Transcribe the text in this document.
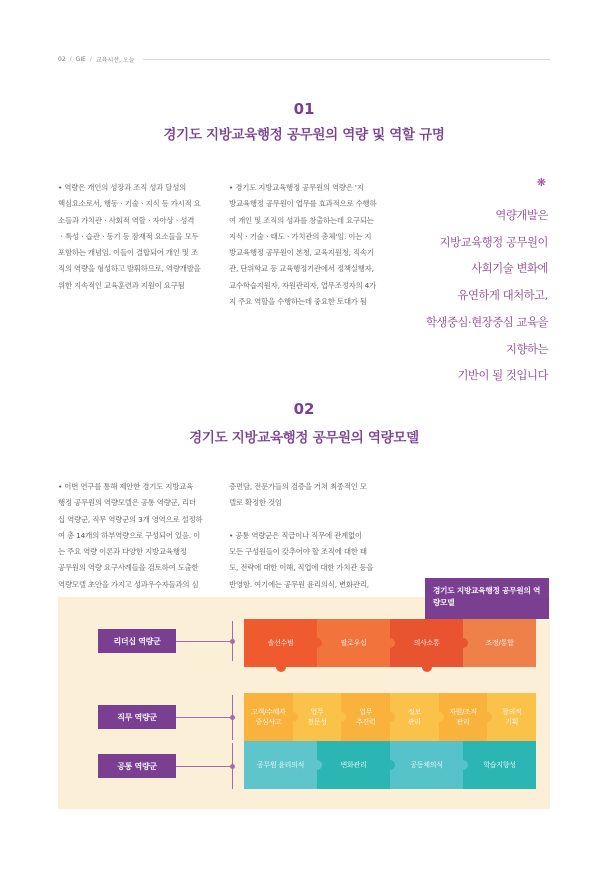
02 / GIE / 교육시선, 오늘
01
경기도 지방교육행정 공무원의 역량 및 역할 규명
• 역량은 개인의 성장과 조직 성과 달성의
핵심요소로서, 행동ㆍ기술ㆍ지식 등 가시적 요
소들과 가치관ㆍ사회적 역할ㆍ자아상ㆍ성격
ㆍ특성ㆍ습관ㆍ동기 등 잠재적 요소들을 모두
포함하는 개념임. 이들이 결합되어 개인 및 조
직의 역량을 형성하고 발휘하므로, 역량개발을
위한 지속적인 교육훈련과 지원이 요구됨
• 경기도 지방교육행정 공무원의 역량은 '지
방교육행정 공무원이 업무를 효과적으로 수행하
여 개인 및 조직의 성과를 창출하는데 요구되는
지식ㆍ기술ㆍ태도ㆍ가치관의 총체'임. 이는 지
방교육행정 공무원이 본청, 교육지원청, 직속기
관, 단위학교 등 교육행정기관에서 정책실행자,
교수학습지원자, 자원관리자, 업무조정자의 4가
지 주요 역할을 수행하는데 중요한 토대가 됨
❋
역량개발은
지방교육행정 공무원이
사회기술 변화에
유연하게 대처하고,
학생중심·현장중심 교육을
지향하는
기반이 될 것입니다
02
경기도 지방교육행정 공무원의 역량모델
• 이번 연구를 통해 제안한 경기도 지방교육
행정 공무원의 역량모델은 공통 역량군, 리더
십 역량군, 직무 역량군의 3개 영역으로 설정하
여 총 14개의 하부역량으로 구성되어 있음. 이
는 주요 역량 이론과 다양한 지방교육행정
공무원의 역량 요구사례들을 검토하여 도출한
역량모델 초안을 가지고 성과우수자들과의 심
층면담, 전문가들의 검증을 거쳐 최종적인 모
델로 확정한 것임

• 공통 역량군은 직급이나 직무에 관계없이
모든 구성원들이 갖추어야 할 조직에 대한 태
도, 전략에 대한 이해, 직업에 대한 가치관 등을
반영함. 여기에는 공무원 윤리의식, 변화관리,
리더십 역량군
직무 역량군
공통 역량군
솔선수범	팔로우십	의사소통	조정/통합
고객/수혜자
중심사고
업무
전문성
업무
추진력
정보
관리
자원/조직
관리
창의적
기획
공무원 윤리의식	변화관리	공동체의식	학습지향성
경기도 지방교육행정 공무원의 역량모델
